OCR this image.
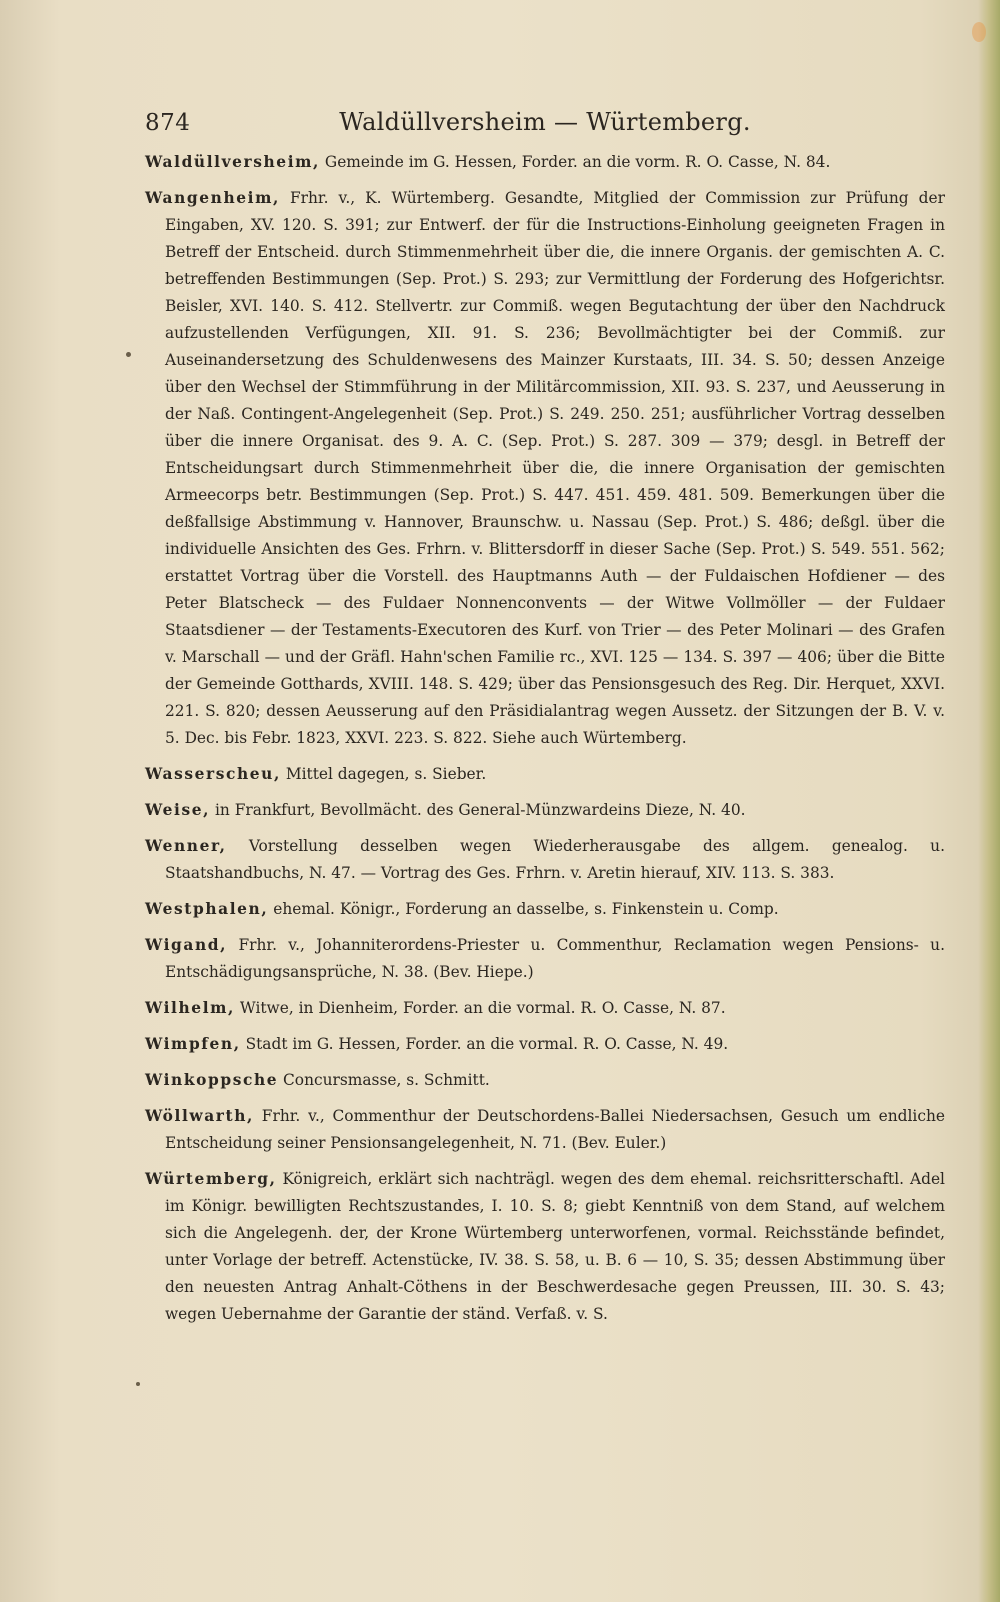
874	Waldüllversheim — Würtemberg.
Waldüllversheim, Gemeinde im G. Hessen, Forder. an die vorm. R. O. Casse, N. 84.
Wangenheim, Frhr. v., K. Würtemberg. Gesandte, Mitglied der Commission zur Prüfung der Eingaben, XV. 120. S. 391; zur Entwerf. der für die Instructions-Einholung geeigneten Fragen in Betreff der Entscheid. durch Stimmenmehrheit über die, die innere Organis. der gemischten A. C. betreffenden Bestimmungen (Sep. Prot.) S. 293; zur Vermittlung der Forderung des Hofgerichtsr. Beisler, XVI. 140. S. 412. Stellvertr. zur Commiß. wegen Begutachtung der über den Nachdruck aufzustellenden Verfügungen, XII. 91. S. 236; Bevollmächtigter bei der Commiß. zur Auseinandersetzung des Schuldenwesens des Mainzer Kurstaats, III. 34. S. 50; dessen Anzeige über den Wechsel der Stimmführung in der Militärcommission, XII. 93. S. 237, und Aeusserung in der Naß. Contingent-Angelegenheit (Sep. Prot.) S. 249. 250. 251; ausführlicher Vortrag desselben über die innere Organisat. des 9. A. C. (Sep. Prot.) S. 287. 309 — 379; desgl. in Betreff der Entscheidungsart durch Stimmenmehrheit über die, die innere Organisation der gemischten Armeecorps betr. Bestimmungen (Sep. Prot.) S. 447. 451. 459. 481. 509. Bemerkungen über die deßfallsige Abstimmung v. Hannover, Braunschw. u. Nassau (Sep. Prot.) S. 486; deßgl. über die individuelle Ansichten des Ges. Frhrn. v. Blittersdorff in dieser Sache (Sep. Prot.) S. 549. 551. 562; erstattet Vortrag über die Vorstell. des Hauptmanns Auth — der Fuldaischen Hofdiener — des Peter Blatscheck — des Fuldaer Nonnenconvents — der Witwe Vollmöller — der Fuldaer Staatsdiener — der Testaments-Executoren des Kurf. von Trier — des Peter Molinari — des Grafen v. Marschall — und der Gräfl. Hahn'schen Familie rc., XVI. 125 — 134. S. 397 — 406; über die Bitte der Gemeinde Gotthards, XVIII. 148. S. 429; über das Pensionsgesuch des Reg. Dir. Herquet, XXVI. 221. S. 820; dessen Aeusserung auf den Präsidialantrag wegen Aussetz. der Sitzungen der B. V. v. 5. Dec. bis Febr. 1823, XXVI. 223. S. 822. Siehe auch Würtemberg.
Wasserscheu, Mittel dagegen, s. Sieber.
Weise, in Frankfurt, Bevollmächt. des General-Münzwardeins Dieze, N. 40.
Wenner, Vorstellung desselben wegen Wiederherausgabe des allgem. genealog. u. Staatshandbuchs, N. 47. — Vortrag des Ges. Frhrn. v. Aretin hierauf, XIV. 113. S. 383.
Westphalen, ehemal. Königr., Forderung an dasselbe, s. Finkenstein u. Comp.
Wigand, Frhr. v., Johanniterordens-Priester u. Commenthur, Reclamation wegen Pensions- u. Entschädigungsansprüche, N. 38. (Bev. Hiepe.)
Wilhelm, Witwe, in Dienheim, Forder. an die vormal. R. O. Casse, N. 87.
Wimpfen, Stadt im G. Hessen, Forder. an die vormal. R. O. Casse, N. 49.
Winkoppsche Concursmasse, s. Schmitt.
Wöllwarth, Frhr. v., Commenthur der Deutschordens-Ballei Niedersachsen, Gesuch um endliche Entscheidung seiner Pensionsangelegenheit, N. 71. (Bev. Euler.)
Würtemberg, Königreich, erklärt sich nachträgl. wegen des dem ehemal. reichsritterschaftl. Adel im Königr. bewilligten Rechtszustandes, I. 10. S. 8; giebt Kenntniß von dem Stand, auf welchem sich die Angelegenh. der, der Krone Würtemberg unterworfenen, vormal. Reichsstände befindet, unter Vorlage der betreff. Actenstücke, IV. 38. S. 58, u. B. 6 — 10, S. 35; dessen Abstimmung über den neuesten Antrag Anhalt-Cöthens in der Beschwerdesache gegen Preussen, III. 30. S. 43; wegen Uebernahme der Garantie der ständ. Verfaß. v. S.
